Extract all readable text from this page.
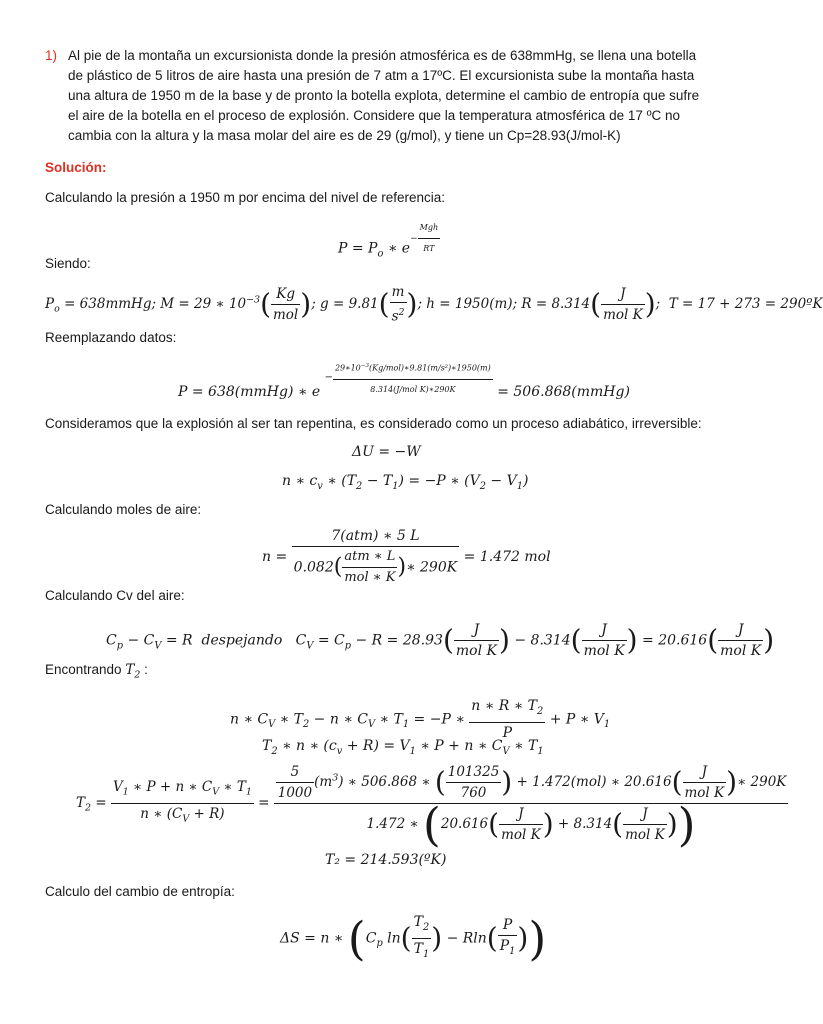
1) Al pie de la montaña un excursionista donde la presión atmosférica es de 638mmHg, se llena una botella
de plástico de 5 litros de aire hasta una presión de 7 atm a 17ºC. El excursionista sube la montaña hasta
una altura de 1950 m de la base y de pronto la botella explota, determine el cambio de entropía que sufre
el aire de la botella en el proceso de explosión. Considere que la temperatura atmosférica de 17 ºC no
cambia con la altura y la masa molar del aire es de 29 (g/mol), y tiene un Cp=28.93(J/mol-K)
Solución:
Calculando la presión a 1950 m por encima del nivel de referencia:
$P = P_o$ ∗ $e^{- \frac{\text{Mgh}}{RT}}$
Siendo:
$P_o$ = 638mmHg; M = 29 ∗ $10^{-3}( \frac{Kg}{\text{mol}}$ ); $g = 9.81( \frac{m}{s^2}$ ); h = 1950(m); $R = 8.314( \frac{J}{\text{mol K}}$ );  T = 17 + 273 = 290ºK
Reemplazando datos:
P = 638(mmHg) ∗ $e - \frac{29∗10^{-3}(Kg/mol)∗9.81(m/s^2)∗1950(m)}{\text{8.314(J/mol K)∗290K}}$ = 506.868(mmHg)
Consideramos que la explosión al ser tan repentina, es considerado como un proceso adiabático, irreversible:
ΔU = −W
n ∗ $c_v$ ∗ $(T_2 - T_1) = -P$ ∗ $(V_2 - V_1)$
Calculando moles de aire:
$n = \frac{\text{7(atm) ∗ 5 L}}{0.082( \frac{\text{atm ∗ L}}{\text{mol ∗ K}} )∗ 290K} = 1.472$ mol
Calculando Cv del aire:
$C_p - C_V = R$  despejando   $C_V = C_p - R = 28.93( \frac{J}{\text{mol K}}$ ) − $8.314( \frac{J}{\text{mol K}}$ ) = $20.616( \frac{J}{\text{mol K}}$ )
Encontrando $T_2$ :
n ∗ $C_V$ ∗ $T_2 - n$ ∗ $C_V$ ∗ $T_1 = -P$ ∗ $\frac{n ∗ R ∗ T_2}{P} + P$ ∗ $V_1$
$T_2$ ∗ n ∗ $(c_v + R) = V_1$ ∗ P + n ∗ $C_V$ ∗ $T_1$
$T_2 = \frac{V_1 ∗ P + n ∗ C_V ∗ T_1}{n ∗ (C_V + R)} = \frac{5}{1000} (m^3)$ ∗ 506.868 ∗ ( $\frac{101325}{760}$ ) + 1.472(mol) ∗ $20.616( \frac{J}{\text{mol K}}$ )∗ 290K
1.472 ∗ ($20.616( \frac{J}{\text{mol K}}$ ) + $8.314( \frac{J}{\text{mol K}}$ ))
T₂ = 214.593(ºK)
Calculo del cambio de entropía:
ΔS = n ∗ ($C_p$ $\ln( \frac{T_2}{T_1}$ ) − $Rln( \frac{P}{P_1}$ ))
